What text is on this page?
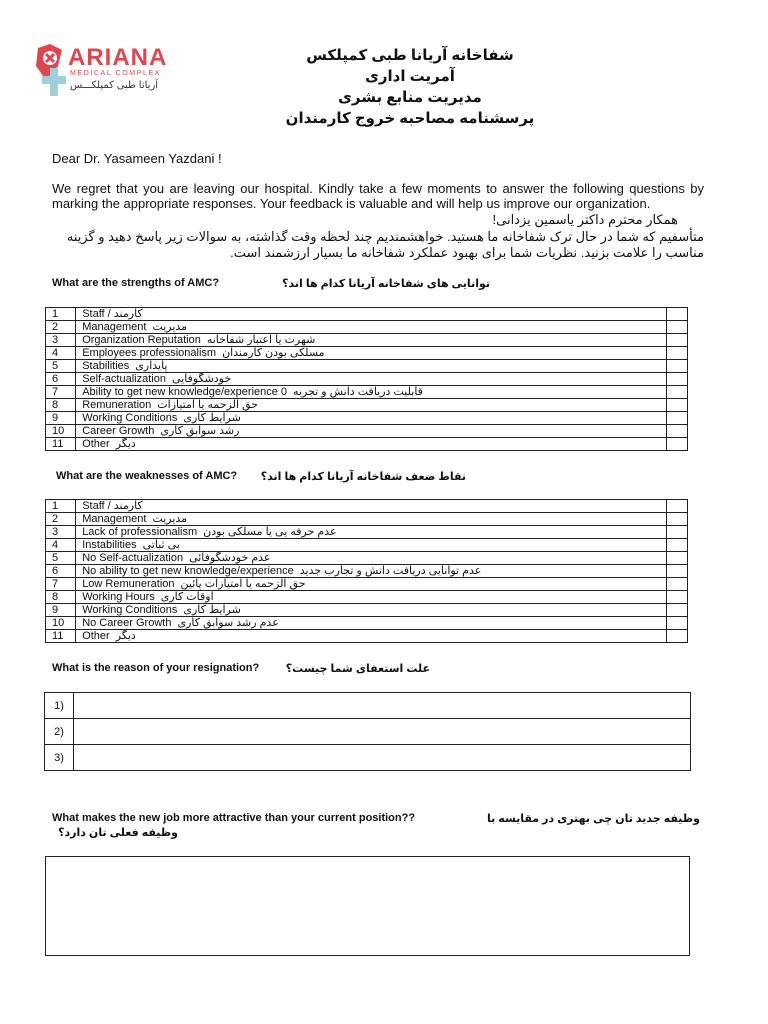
ARIANA
MEDICAL COMPLEX
آریانا طبی کمپلکـــس
شفاخانه آریانا طبی کمپلکس
آمریت اداری
مدیریت منابع بشری
پرسشنامه مصاحبه خروج کارمندان
Dear Dr. Yasameen Yazdani !
We regret that you are leaving our hospital. Kindly take a few moments to answer the following questions by marking the appropriate responses. Your feedback is valuable and will help us improve our organization.
همکار محترم داکتر یاسمین یزدانی!
متأسفیم که شما در حال ترک شفاخانه ما هستید. خواهشمندیم چند لحظه وقت گذاشته، به سوالات زیر پاسخ دهید و گزینه مناسب را علامت بزنید. نظریات شما برای بهبود عملکرد شفاخانه ما بسیار ارزشمند است.
What are the strengths of AMC?	توانایی های شفاخانه آریانا کدام ها اند؟
1	Staff / کارمند	
2	Management مدیریت	
3	Organization Reputation شهرت یا اعتبار شفاخانه	
4	Employees professionalism مسلکی بودن کارمندان	
5	Stabilities پایداری	
6	Self-actualization خودشگوفایی	
7	Ability to get new knowledge/experience 0 قابلیت دریافت دانش و تجربه	
8	Remuneration حق الزحمه یا امتیازات	
9	Working Conditions شرایط کاری	
10	Career Growth رشد سوابق کاری	
11	Other دیگر	
What are the weaknesses of AMC?	نقاط ضعف شفاخانه آریانا کدام ها اند؟
1	Staff / کارمند	
2	Management مدیریت	
3	Lack of professionalism عدم حرفه یی یا مسلکی بودن	
4	Instabilities بی ثباتی	
5	No Self-actualization عدم خودشگوفائی	
6	No ability to get new knowledge/experience عدم توانایی دریافت دانش و تجارب جدید	
7	Low Remuneration حق الزحمه یا امتیازات پائین	
8	Working Hours اوقات کاری	
9	Working Conditions شرایط کاری	
10	No Career Growth عدم رشد سوابق کاری	
11	Other دیگر	
What is the reason of your resignation?	علت استعفای شما چیست؟
1)	
2)	
3)	
What makes the new job more attractive than your current position??	وظیفه جدید تان چی بهتری در مقایسه با
وظیفه فعلی تان دارد؟
